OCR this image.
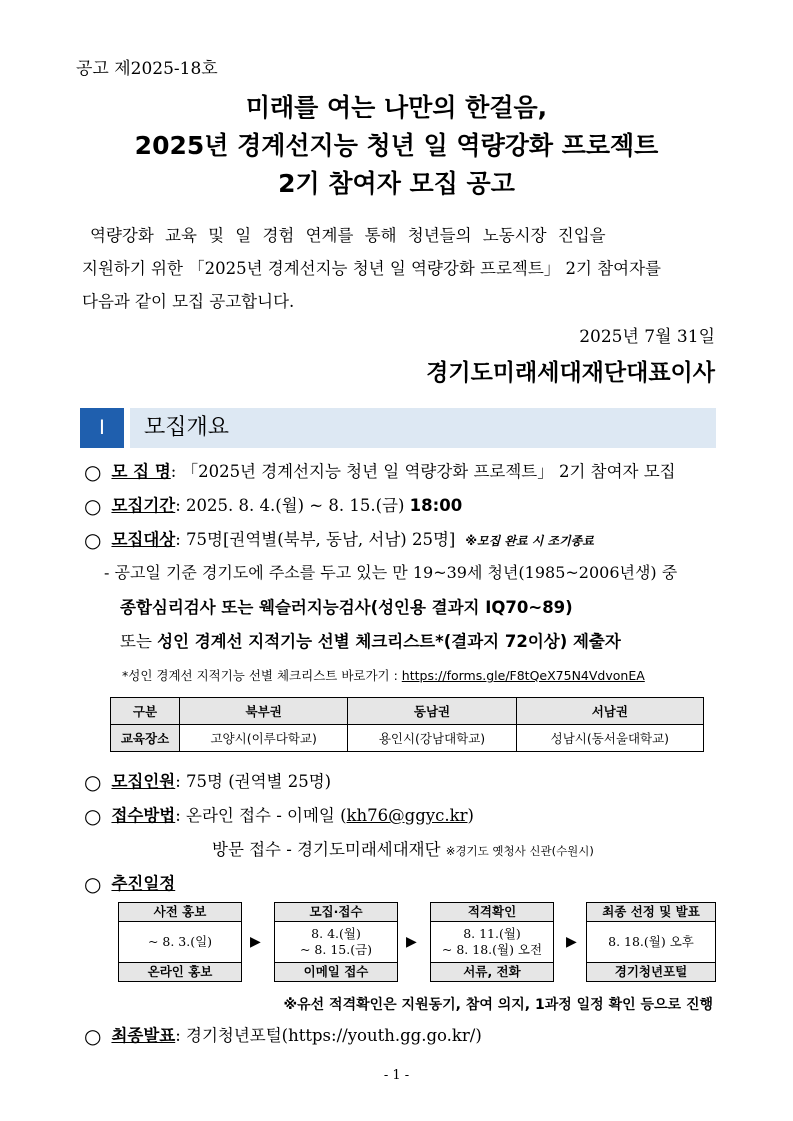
공고 제2025-18호
미래를 여는 나만의 한걸음,
2025년 경계선지능 청년 일 역량강화 프로젝트
2기 참여자 모집 공고
역량강화 교육 및 일 경험 연계를 통해 청년들의 노동시장 진입을
지원하기 위한 「2025년 경계선지능 청년 일 역량강화 프로젝트」 2기 참여자를
다음과 같이 모집 공고합니다.
2025년 7월 31일
경기도미래세대재단대표이사
Ⅰ	모집개요
○ 모 집 명: 「2025년 경계선지능 청년 일 역량강화 프로젝트」 2기 참여자 모집
○ 모집기간: 2025. 8. 4.(월) ~ 8. 15.(금) 18:00
○ 모집대상: 75명[권역별(북부, 동남, 서남) 25명] ※모집 완료 시 조기종료
- 공고일 기준 경기도에 주소를 두고 있는 만 19~39세 청년(1985~2006년생) 중
종합심리검사 또는 웩슬러지능검사(성인용 결과지 IQ70~89)
또는 성인 경계선 지적기능 선별 체크리스트*(결과지 72이상) 제출자
*성인 경계선 지적기능 선별 체크리스트 바로가기 : https://forms.gle/F8tQeX75N4VdvonEA
구분	북부권	동남권	서남권
교육장소	고양시(이루다학교)	용인시(강남대학교)	성남시(동서울대학교)
○ 모집인원: 75명 (권역별 25명)
○ 접수방법: 온라인 접수 - 이메일 (kh76@ggyc.kr)
방문 접수 - 경기도미래세대재단 ※경기도 옛청사 신관(수원시)
○ 추진일정
사전 홍보
~ 8. 3.(일)
온라인 홍보
▶
모집·접수
8. 4.(월)
~ 8. 15.(금)
이메일 접수
▶
적격확인
8. 11.(월)
~ 8. 18.(월) 오전
서류, 전화
▶
최종 선정 및 발표
8. 18.(월) 오후
경기청년포털
※유선 적격확인은 지원동기, 참여 의지, 1과정 일정 확인 등으로 진행
○ 최종발표: 경기청년포털(https://youth.gg.go.kr/)
- 1 -
